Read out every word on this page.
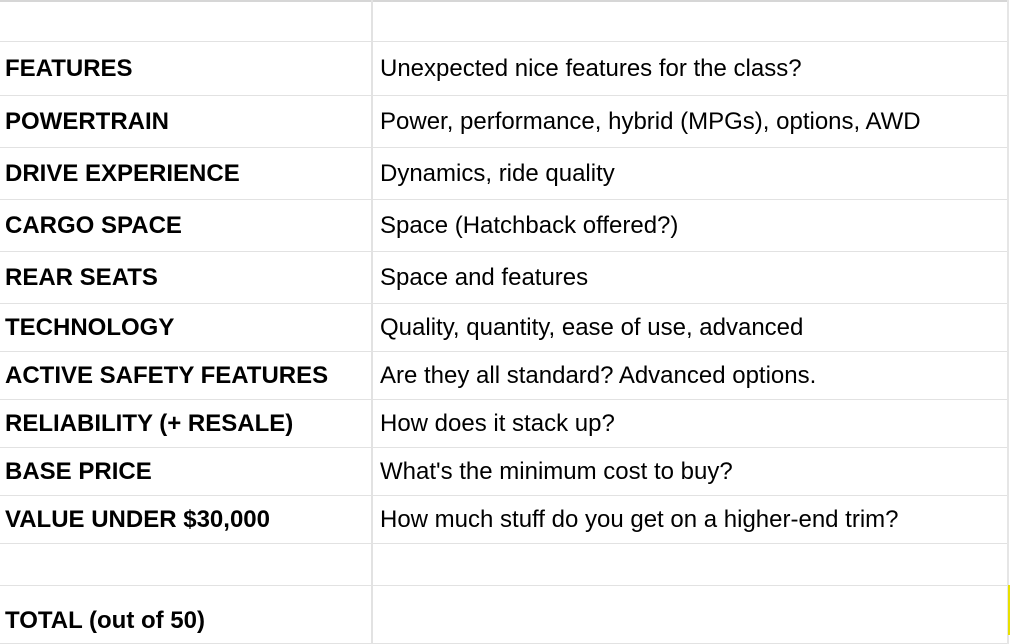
FEATURES	Unexpected nice features for the class?
POWERTRAIN	Power, performance, hybrid (MPGs), options, AWD
DRIVE EXPERIENCE	Dynamics, ride quality
CARGO SPACE	Space (Hatchback offered?)
REAR SEATS	Space and features
TECHNOLOGY	Quality, quantity, ease of use, advanced
ACTIVE SAFETY FEATURES	Are they all standard? Advanced options.
RELIABILITY (+ RESALE)	How does it stack up?
BASE PRICE	What's the minimum cost to buy?
VALUE UNDER $30,000	How much stuff do you get on a higher-end trim?
TOTAL (out of 50)
